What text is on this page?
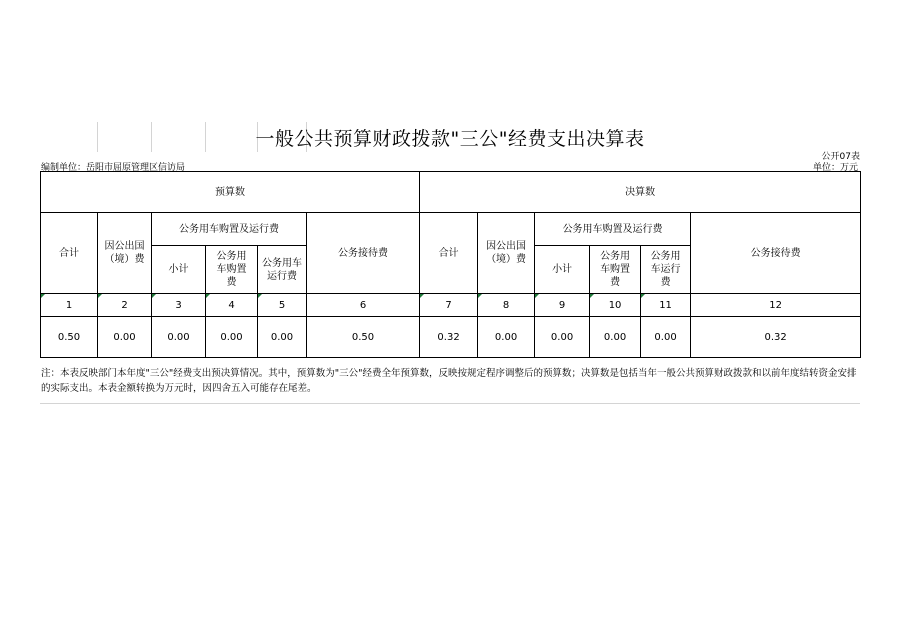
一般公共预算财政拨款"三公"经费支出决算表
公开07表
编制单位：岳阳市屈原管理区信访局	单位：万元
预算数						决算数					
合计	因公出国（境）费	公务用车购置及运行费			公务接待费	合计	因公出国（境）费	公务用车购置及运行费			公务接待费
		小计	公务用车购置费	公务用车运行费				小计	公务用车购置费	公务用车运行费	

1	2	3	4	5	6	7	8	9	10	11	12
0.50	0.00	0.00	0.00	0.00	0.50	0.32	0.00	0.00	0.00	0.00	0.32
注：本表反映部门本年度"三公"经费支出预决算情况。其中，预算数为"三公"经费全年预算数，反映按规定程序调整后的预算数；决算数是包括当年一般公共预算财政拨款和以前年度结转资金安排的实际支出。本表金额转换为万元时，因四舍五入可能存在尾差。
